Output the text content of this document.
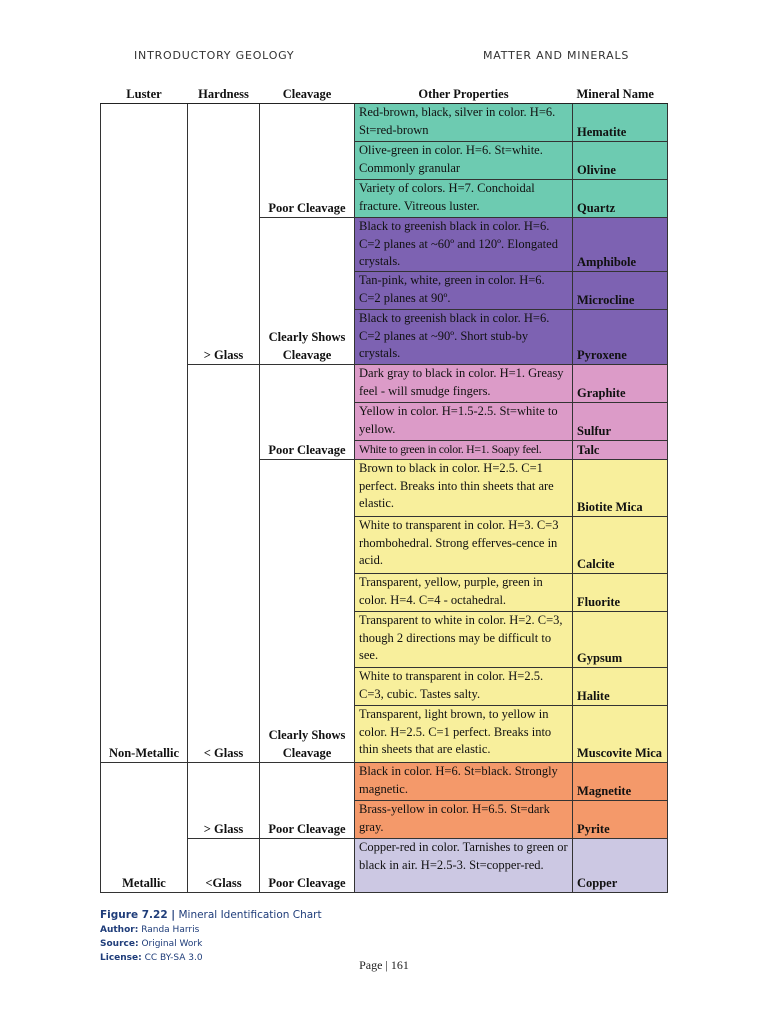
INTRODUCTORY GEOLOGY	MATTER AND MINERALS
Luster	Hardness	Cleavage	Other Properties	Mineral Name
Non-Metallic	> Glass	Poor Cleavage	Red-brown, black, silver in color. H=6. St=red-brown	Hematite
			Olive-green in color. H=6. St=white. Commonly granular	Olivine
			Variety of colors. H=7. Conchoidal fracture. Vitreous luster.	Quartz
		Clearly Shows Cleavage	Black to greenish black in color. H=6. C=2 planes at ~60º and 120º. Elongated crystals.	Amphibole
			Tan-pink, white, green in color. H=6. C=2 planes at 90º.	Microcline
			Black to greenish black in color. H=6. C=2 planes at ~90º. Short stub-by crystals.	Pyroxene
	< Glass	Poor Cleavage	Dark gray to black in color. H=1. Greasy feel - will smudge fingers.	Graphite
			Yellow in color. H=1.5-2.5. St=white to yellow.	Sulfur
			White to green in color. H=1. Soapy feel.	Talc
		Clearly Shows Cleavage	Brown to black in color. H=2.5. C=1 perfect. Breaks into thin sheets that are elastic.	Biotite Mica
			White to transparent in color. H=3. C=3 rhombohedral. Strong efferves-cence in acid.	Calcite
			Transparent, yellow, purple, green in color. H=4. C=4 - octahedral.	Fluorite
			Transparent to white in color. H=2. C=3, though 2 directions may be difficult to see.	Gypsum
			White to transparent in color. H=2.5. C=3, cubic. Tastes salty.	Halite
			Transparent, light brown, to yellow in color. H=2.5. C=1 perfect. Breaks into thin sheets that are elastic.	Muscovite Mica
Metallic	> Glass	Poor Cleavage	Black in color. H=6. St=black. Strongly magnetic.	Magnetite
			Brass-yellow in color. H=6.5. St=dark gray.	Pyrite
	<Glass	Poor Cleavage	Copper-red in color. Tarnishes to green or black in air. H=2.5-3. St=copper-red.	Copper
Figure 7.22 | Mineral Identification Chart
Author: Randa Harris
Source: Original Work
License: CC BY-SA 3.0	Page | 161
